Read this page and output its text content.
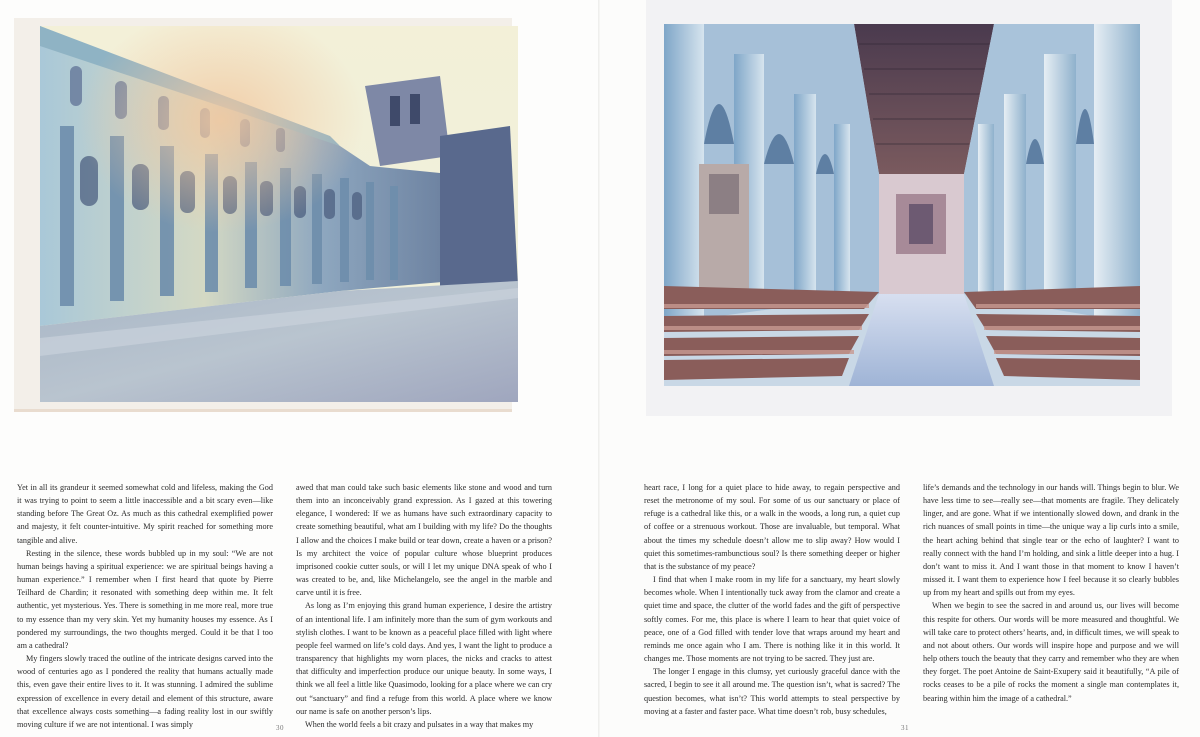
Yet in all its grandeur it seemed somewhat cold and lifeless, making the God it was trying to point to seem a little inaccessible and a bit scary even—like standing before The Great Oz. As much as this cathedral exemplified power and majesty, it felt counter-intuitive. My spirit reached for something more tangible and alive.

Resting in the silence, these words bubbled up in my soul: “We are not human beings having a spiritual experience: we are spiritual beings having a human experience.” I remember when I first heard that quote by Pierre Teilhard de Chardin; it resonated with something deep within me. It felt authentic, yet mysterious. Yes. There is something in me more real, more true to my essence than my very skin. Yet my humanity houses my essence. As I pondered my surroundings, the two thoughts merged. Could it be that I too am a cathedral?

My fingers slowly traced the outline of the intricate designs carved into the wood of centuries ago as I pondered the reality that humans actually made this, even gave their entire lives to it. It was stunning. I admired the sublime expression of excellence in every detail and element of this structure, aware that excellence always costs something—a fading reality lost in our swiftly moving culture if we are not intentional. I was simply

awed that man could take such basic elements like stone and wood and turn them into an inconceivably grand expression. As I gazed at this towering elegance, I wondered: If we as humans have such extraordinary capacity to create something beautiful, what am I building with my life? Do the thoughts I allow and the choices I make build or tear down, create a haven or a prison? Is my architect the voice of popular culture whose blueprint produces imprisoned cookie cutter souls, or will I let my unique DNA speak of who I was created to be, and, like Michelangelo, see the angel in the marble and carve until it is free.

As long as I’m enjoying this grand human experience, I desire the artistry of an intentional life. I am infinitely more than the sum of gym workouts and stylish clothes. I want to be known as a peaceful place filled with light where people feel warmed on life’s cold days. And yes, I want the light to produce a transparency that highlights my worn places, the nicks and cracks to attest that difficulty and imperfection produce our unique beauty. In some ways, I think we all feel a little like Quasimodo, looking for a place where we can cry out “sanctuary” and find a refuge from this world. A place where we know our name is safe on another person’s lips.

When the world feels a bit crazy and pulsates in a way that makes my

30

heart race, I long for a quiet place to hide away, to regain perspective and reset the metronome of my soul. For some of us our sanctuary or place of refuge is a cathedral like this, or a walk in the woods, a long run, a quiet cup of coffee or a strenuous workout. Those are invaluable, but temporal. What about the times my schedule doesn’t allow me to slip away? How would I quiet this sometimes-rambunctious soul? Is there something deeper or higher that is the substance of my peace?

I find that when I make room in my life for a sanctuary, my heart slowly becomes whole. When I intentionally tuck away from the clamor and create a quiet time and space, the clutter of the world fades and the gift of perspective softly comes. For me, this place is where I learn to hear that quiet voice of peace, one of a God filled with tender love that wraps around my heart and reminds me once again who I am. There is nothing like it in this world. It changes me. Those moments are not trying to be sacred. They just are.

The longer I engage in this clumsy, yet curiously graceful dance with the sacred, I begin to see it all around me. The question isn’t, what is sacred? The question becomes, what isn’t? This world attempts to steal perspective by moving at a faster and faster pace. What time doesn’t rob, busy schedules,

life’s demands and the technology in our hands will. Things begin to blur. We have less time to see—really see—that moments are fragile. They delicately linger, and are gone. What if we intentionally slowed down, and drank in the rich nuances of small points in time—the unique way a lip curls into a smile, the heart aching behind that single tear or the echo of laughter? I want to really connect with the hand I’m holding, and sink a little deeper into a hug. I don’t want to miss it. And I want those in that moment to know I haven’t missed it. I want them to experience how I feel because it so clearly bubbles up from my heart and spills out from my eyes.

When we begin to see the sacred in and around us, our lives will become this respite for others. Our words will be more measured and thoughtful. We will take care to protect others’ hearts, and, in difficult times, we will speak to and not about others. Our words will inspire hope and purpose and we will help others touch the beauty that they carry and remember who they are when they forget. The poet Antoine de Saint-Exupery said it beautifully, “A pile of rocks ceases to be a pile of rocks the moment a single man contemplates it, bearing within him the image of a cathedral.”

31
